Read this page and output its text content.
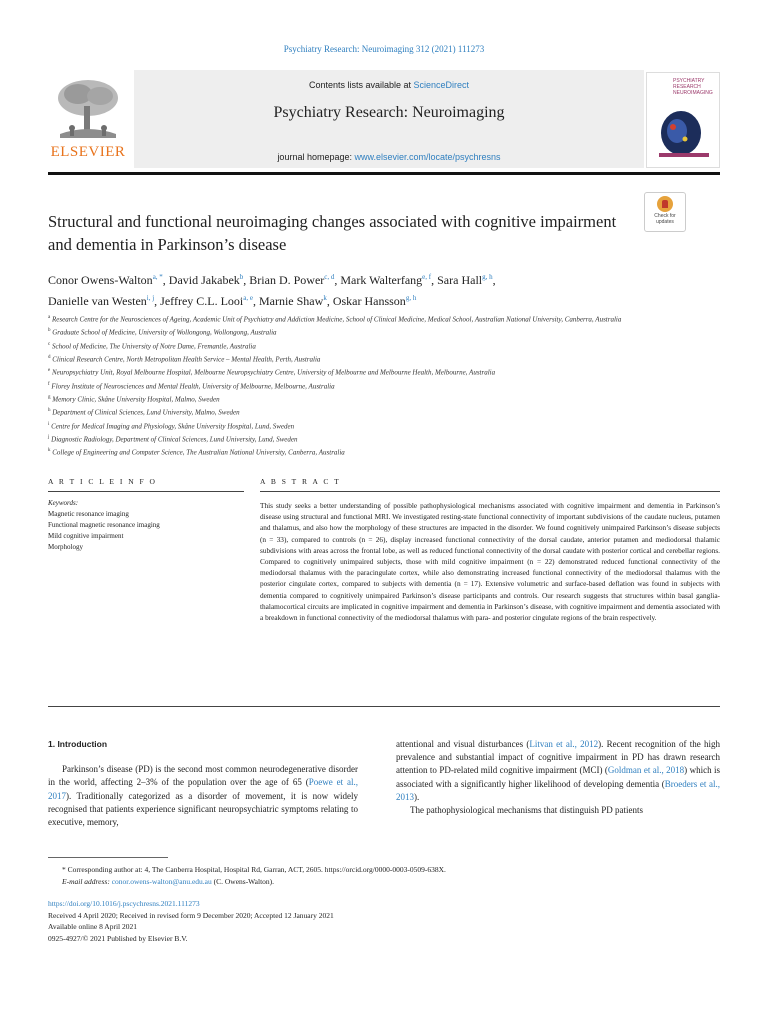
Psychiatry Research: Neuroimaging 312 (2021) 111273
ELSEVIER
Contents lists available at ScienceDirect
Psychiatry Research: Neuroimaging
journal homepage: www.elsevier.com/locate/psychresns
PSYCHIATRY RESEARCH NEUROIMAGING
Structural and functional neuroimaging changes associated with cognitive impairment and dementia in Parkinson’s disease
Check for updates
Conor Owens-Walton$^{a, *}$, David Jakabek$^b$, Brian D. Power$^{c, d}$, Mark Walterfang$^{e, f}$, Sara Hall$^{g, h}$,
Danielle van Westen$^{i, j}$, Jeffrey C.L. Looi$^{a, e}$, Marnie Shaw$^k$, Oskar Hansson$^{g, h}$

$^a$ Research Centre for the Neurosciences of Ageing, Academic Unit of Psychiatry and Addiction Medicine, School of Clinical Medicine, Medical School, Australian National University, Canberra, Australia

$^b$ Graduate School of Medicine, University of Wollongong, Wollongong, Australia

$^c$ School of Medicine, The University of Notre Dame, Fremantle, Australia

$^d$ Clinical Research Centre, North Metropolitan Health Service – Mental Health, Perth, Australia

$^e$ Neuropsychiatry Unit, Royal Melbourne Hospital, Melbourne Neuropsychiatry Centre, University of Melbourne and Melbourne Health, Melbourne, Australia

$^f$ Florey Institute of Neurosciences and Mental Health, University of Melbourne, Melbourne, Australia

$^g$ Memory Clinic, Skåne University Hospital, Malmo, Sweden

$^h$ Department of Clinical Sciences, Lund University, Malmo, Sweden

$^i$ Centre for Medical Imaging and Physiology, Skåne University Hospital, Lund, Sweden

$^j$ Diagnostic Radiology, Department of Clinical Sciences, Lund University, Lund, Sweden

$^k$ College of Engineering and Computer Science, The Australian National University, Canberra, Australia

A R T I C L E I N F O	A B S T R A C T
Keywords:
Magnetic resonance imaging
Functional magnetic resonance imaging
Mild cognitive impairment
Morphology
This study seeks a better understanding of possible pathophysiological mechanisms associated with cognitive impairment and dementia in Parkinson’s disease using structural and functional MRI. We investigated resting-state functional connectivity of important subdivisions of the caudate nucleus, putamen and thalamus, and also how the morphology of these structures are impacted in the disorder. We found cognitively unimpaired Parkinson’s disease subjects (n = 33), compared to controls (n = 26), display increased functional connectivity of the dorsal caudate, anterior putamen and mediodorsal thalamic subdivisions with areas across the frontal lobe, as well as reduced functional connectivity of the dorsal caudate with posterior cortical and cerebellar regions. Compared to cognitively unimpaired subjects, those with mild cognitive impairment (n = 22) demonstrated reduced functional connectivity of the mediodorsal thalamus with the paracingulate cortex, while also demonstrating increased functional connectivity of the mediodorsal thalamus with the posterior cingulate cortex, compared to subjects with dementia (n = 17). Extensive volumetric and surface-based deflation was found in subjects with dementia compared to cognitively unimpaired Parkinson’s disease participants and controls. Our research suggests that structures within basal ganglia-thalamocortical circuits are implicated in cognitive impairment and dementia in Parkinson’s disease, with cognitive impairment and dementia associated with a breakdown in functional connectivity of the mediodorsal thalamus with para- and posterior cingulate regions of the brain respectively.
1. Introduction

Parkinson’s disease (PD) is the second most common neurodegenerative disorder in the world, affecting 2–3% of the population over the age of 65 (Poewe et al., 2017). Traditionally categorized as a disorder of movement, it is now widely recognised that patients experience significant neuropsychiatric symptoms relating to executive, memory,

attentional and visual disturbances (Litvan et al., 2012). Recent recognition of the high prevalence and substantial impact of cognitive impairment in PD has drawn research attention to PD-related mild cognitive impairment (MCI) (Goldman et al., 2018) which is associated with a significantly higher likelihood of developing dementia (Broeders et al., 2013).

The pathophysiological mechanisms that distinguish PD patients

* Corresponding author at: 4, The Canberra Hospital, Hospital Rd, Garran, ACT, 2605. https://orcid.org/0000-0003-0509-638X.

E-mail address: conor.owens-walton@anu.edu.au (C. Owens-Walton).

https://doi.org/10.1016/j.pscychresns.2021.111273

Received 4 April 2020; Received in revised form 9 December 2020; Accepted 12 January 2021

Available online 8 April 2021

0925-4927/© 2021 Published by Elsevier B.V.
